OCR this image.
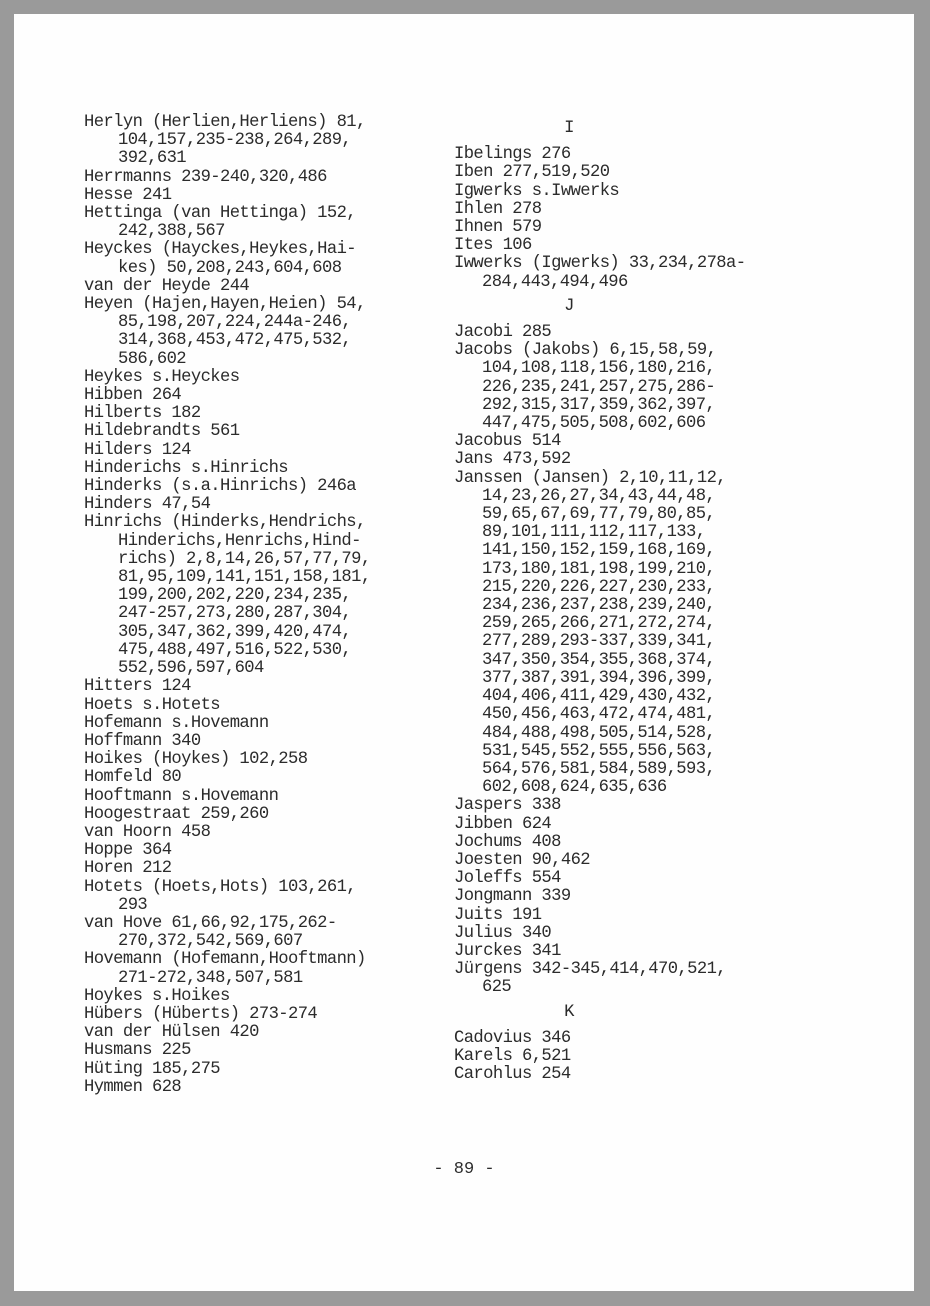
Herlyn (Herlien,Herliens) 81,
104,157,235-238,264,289,
392,631
Herrmanns 239-240,320,486
Hesse 241
Hettinga (van Hettinga) 152,
242,388,567
Heyckes (Hayckes,Heykes,Hai-
kes) 50,208,243,604,608
van der Heyde 244
Heyen (Hajen,Hayen,Heien) 54,
85,198,207,224,244a-246,
314,368,453,472,475,532,
586,602
Heykes s.Heyckes
Hibben 264
Hilberts 182
Hildebrandts 561
Hilders 124
Hinderichs s.Hinrichs
Hinderks (s.a.Hinrichs) 246a
Hinders 47,54
Hinrichs (Hinderks,Hendrichs,
Hinderichs,Henrichs,Hind-
richs) 2,8,14,26,57,77,79,
81,95,109,141,151,158,181,
199,200,202,220,234,235,
247-257,273,280,287,304,
305,347,362,399,420,474,
475,488,497,516,522,530,
552,596,597,604
Hitters 124
Hoets s.Hotets
Hofemann s.Hovemann
Hoffmann 340
Hoikes (Hoykes) 102,258
Homfeld 80
Hooftmann s.Hovemann
Hoogestraat 259,260
van Hoorn 458
Hoppe 364
Horen 212
Hotets (Hoets,Hots) 103,261,
293
van Hove 61,66,92,175,262-
270,372,542,569,607
Hovemann (Hofemann,Hooftmann)
271-272,348,507,581
Hoykes s.Hoikes
Hübers (Hüberts) 273-274
van der Hülsen 420
Husmans 225
Hüting 185,275
Hymmen 628
I
Ibelings 276
Iben 277,519,520
Igwerks s.Iwwerks
Ihlen 278
Ihnen 579
Ites 106
Iwwerks (Igwerks) 33,234,278a-
284,443,494,496
J
Jacobi 285
Jacobs (Jakobs) 6,15,58,59,
104,108,118,156,180,216,
226,235,241,257,275,286-
292,315,317,359,362,397,
447,475,505,508,602,606
Jacobus 514
Jans 473,592
Janssen (Jansen) 2,10,11,12,
14,23,26,27,34,43,44,48,
59,65,67,69,77,79,80,85,
89,101,111,112,117,133,
141,150,152,159,168,169,
173,180,181,198,199,210,
215,220,226,227,230,233,
234,236,237,238,239,240,
259,265,266,271,272,274,
277,289,293-337,339,341,
347,350,354,355,368,374,
377,387,391,394,396,399,
404,406,411,429,430,432,
450,456,463,472,474,481,
484,488,498,505,514,528,
531,545,552,555,556,563,
564,576,581,584,589,593,
602,608,624,635,636
Jaspers 338
Jibben 624
Jochums 408
Joesten 90,462
Joleffs 554
Jongmann 339
Juits 191
Julius 340
Jurckes 341
Jürgens 342-345,414,470,521,
625
K
Cadovius 346
Karels 6,521
Carohlus 254
- 89 -
